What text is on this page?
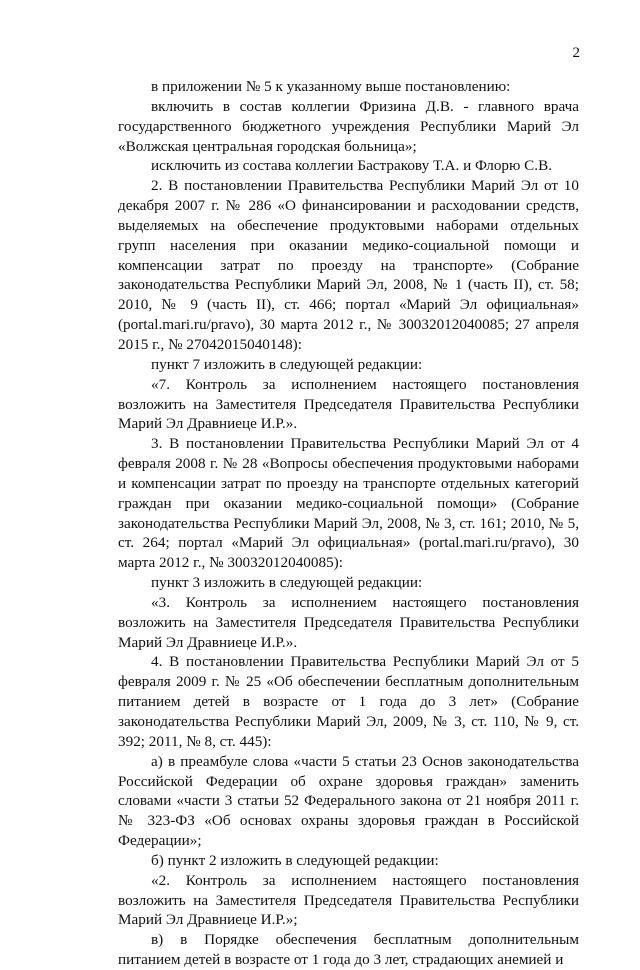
2

в приложении № 5 к указанному выше постановлению:

включить в состав коллегии Фризина Д.В. - главного врача государственного бюджетного учреждения Республики Марий Эл «Волжская центральная городская больница»;

исключить из состава коллегии Бастракову Т.А. и Флорю С.В.

2. В постановлении Правительства Республики Марий Эл от 10 декабря 2007 г. № 286 «О финансировании и расходовании средств, выделяемых на обеспечение продуктовыми наборами отдельных групп населения при оказании медико-социальной помощи и компенсации затрат по проезду на транспорте» (Собрание законодательства Республики Марий Эл, 2008, № 1 (часть II), ст. 58; 2010, № 9 (часть II), ст. 466; портал «Марий Эл официальная» (portal.mari.ru/pravo), 30 марта 2012 г., № 30032012040085; 27 апреля 2015 г., № 27042015040148):

пункт 7 изложить в следующей редакции:

«7. Контроль за исполнением настоящего постановления возложить на Заместителя Председателя Правительства Республики Марий Эл Дравниеце И.Р.».

3. В постановлении Правительства Республики Марий Эл от 4 февраля 2008 г. № 28 «Вопросы обеспечения продуктовыми наборами и компенсации затрат по проезду на транспорте отдельных категорий граждан при оказании медико-социальной помощи» (Собрание законодательства Республики Марий Эл, 2008, № 3, ст. 161; 2010, № 5, ст. 264; портал «Марий Эл официальная» (portal.mari.ru/pravo), 30 марта 2012 г., № 30032012040085):

пункт 3 изложить в следующей редакции:

«3. Контроль за исполнением настоящего постановления возложить на Заместителя Председателя Правительства Республики Марий Эл Дравниеце И.Р.».

4. В постановлении Правительства Республики Марий Эл от 5 февраля 2009 г. № 25 «Об обеспечении бесплатным дополнительным питанием детей в возрасте от 1 года до 3 лет» (Собрание законодательства Республики Марий Эл, 2009, № 3, ст. 110, № 9, ст. 392; 2011, № 8, ст. 445):

а) в преамбуле слова «части 5 статьи 23 Основ законодательства Российской Федерации об охране здоровья граждан» заменить словами «части 3 статьи 52 Федерального закона от 21 ноября 2011 г. № 323-ФЗ «Об основах охраны здоровья граждан в Российской Федерации»;

б) пункт 2 изложить в следующей редакции:

«2. Контроль за исполнением настоящего постановления возложить на Заместителя Председателя Правительства Республики Марий Эл Дравниеце И.Р.»;

в) в Порядке обеспечения бесплатным дополнительным питанием детей в возрасте от 1 года до 3 лет, страдающих анемией и
